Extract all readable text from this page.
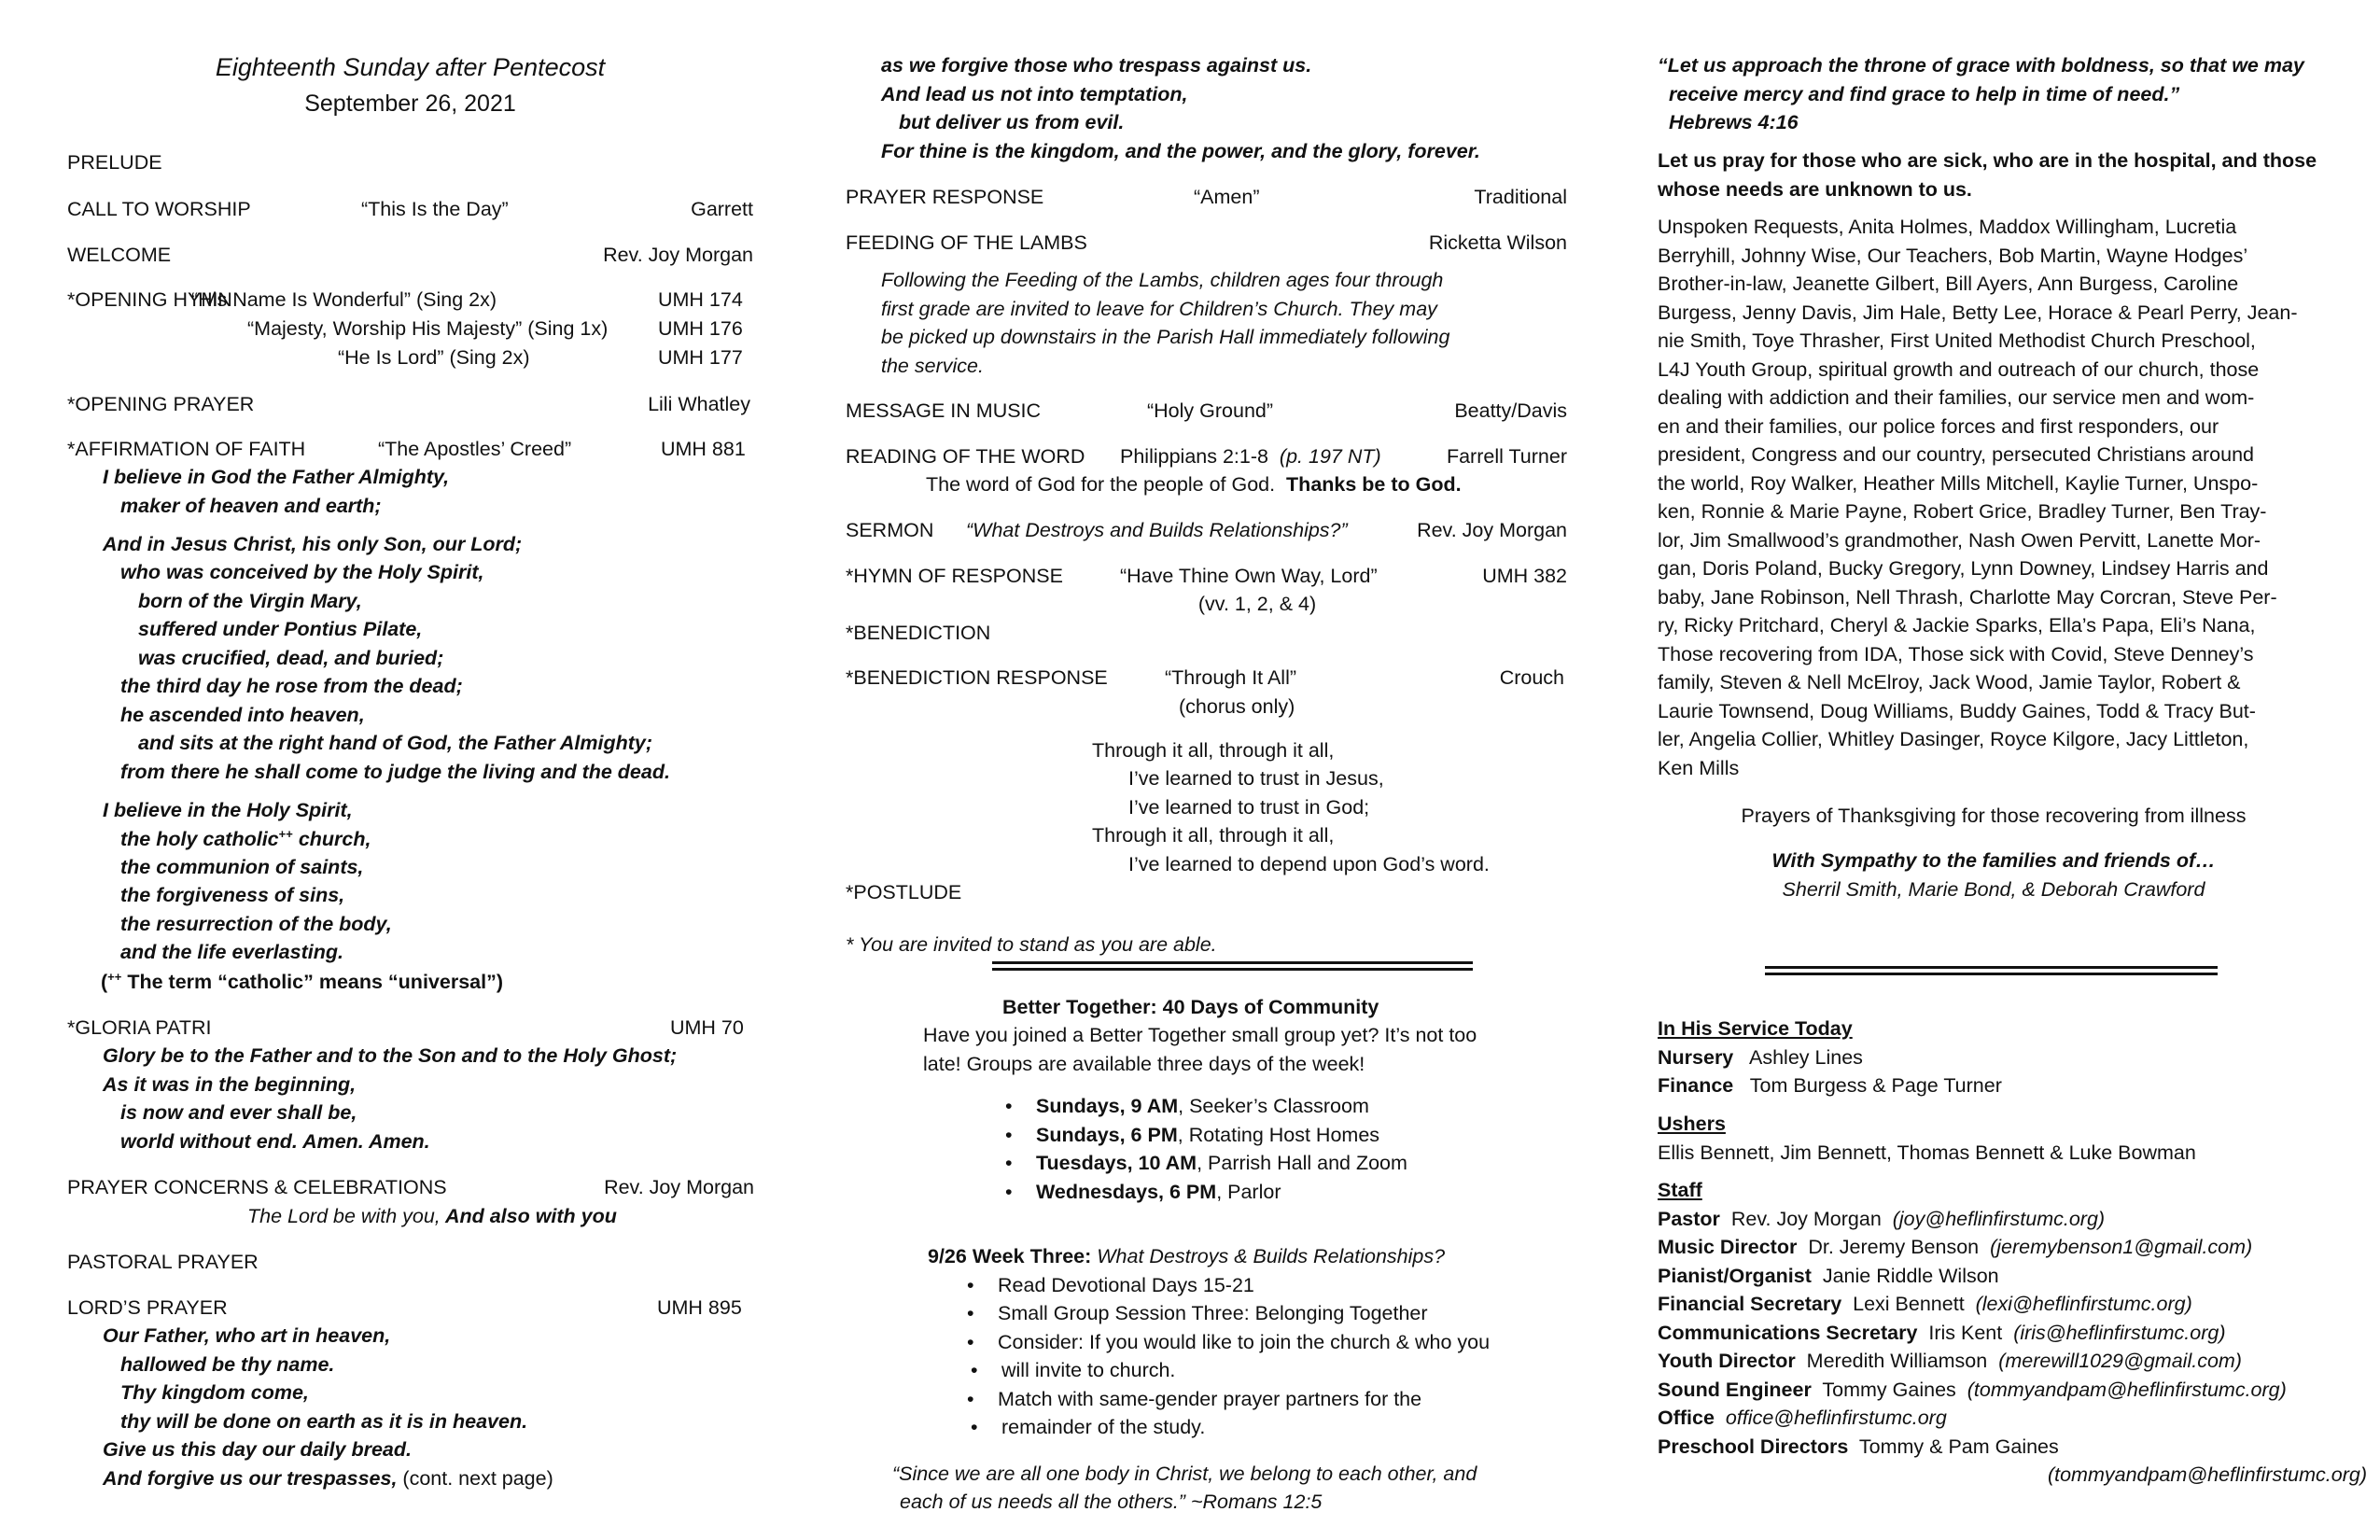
Eighteenth Sunday after Pentecost
September 26, 2021
PRELUDE
CALL TO WORSHIP	“This Is the Day”	Garrett
WELCOME	Rev. Joy Morgan
*OPENING HYMN
“His Name Is Wonderful” (Sing 2x)	UMH 174
“Majesty, Worship His Majesty” (Sing 1x) UMH 176
“He Is Lord” (Sing 2x)	UMH 177
*OPENING PRAYER	Lili Whatley
*AFFIRMATION OF FAITH	“The Apostles’ Creed”	UMH 881
I believe in God the Father Almighty,
maker of heaven and earth;
And in Jesus Christ, his only Son, our Lord;
who was conceived by the Holy Spirit,
born of the Virgin Mary,
suffered under Pontius Pilate,
was crucified, dead, and buried;
the third day he rose from the dead;
he ascended into heaven,
and sits at the right hand of God, the Father Almighty;
from there he shall come to judge the living and the dead.
I believe in the Holy Spirit,
the holy catholic++ church,
the communion of saints,
the forgiveness of sins,
the resurrection of the body,
and the life everlasting.
(++ The term “catholic” means “universal”)
*GLORIA PATRI	UMH 70
Glory be to the Father and to the Son and to the Holy Ghost;
As it was in the beginning,
is now and ever shall be,
world without end. Amen. Amen.
PRAYER CONCERNS & CELEBRATIONS	Rev. Joy Morgan
The Lord be with you, And also with you
PASTORAL PRAYER
LORD’S PRAYER	UMH 895
Our Father, who art in heaven,
hallowed be thy name.
Thy kingdom come,
thy will be done on earth as it is in heaven.
Give us this day our daily bread.
And forgive us our trespasses, (cont. next page)
as we forgive those who trespass against us.
And lead us not into temptation,
but deliver us from evil.
For thine is the kingdom, and the power, and the glory, forever.
PRAYER RESPONSE	“Amen”	Traditional
FEEDING OF THE LAMBS	Ricketta Wilson
Following the Feeding of the Lambs, children ages four through
first grade are invited to leave for Children’s Church. They may
be picked up downstairs in the Parish Hall immediately following
the service.
MESSAGE IN MUSIC	“Holy Ground”	Beatty/Davis
READING OF THE WORD Philippians 2:1-8 (p. 197 NT)	Farrell Turner
The word of God for the people of God. Thanks be to God.
SERMON “What Destroys and Builds Relationships?”	Rev. Joy Morgan
*HYMN OF RESPONSE	“Have Thine Own Way, Lord”	UMH 382
(vv. 1, 2, & 4)
*BENEDICTION
*BENEDICTION RESPONSE	“Through It All”	Crouch
(chorus only)
Through it all, through it all,
I’ve learned to trust in Jesus,
I’ve learned to trust in God;
Through it all, through it all,
I’ve learned to depend upon God’s word.
*POSTLUDE
* You are invited to stand as you are able.
Better Together: 40 Days of Community
Have you joined a Better Together small group yet? It’s not too
late! Groups are available three days of the week!
• Sundays, 9 AM, Seeker’s Classroom
• Sundays, 6 PM, Rotating Host Homes
• Tuesdays, 10 AM, Parrish Hall and Zoom
• Wednesdays, 6 PM, Parlor
9/26 Week Three: What Destroys & Builds Relationships?
• Read Devotional Days 15-21
• Small Group Session Three: Belonging Together
• Consider: If you would like to join the church & who you
• will invite to church.
• Match with same-gender prayer partners for the
• remainder of the study.
“Since we are all one body in Christ, we belong to each other, and
each of us needs all the others.” ~Romans 12:5
“Let us approach the throne of grace with boldness, so that we may
receive mercy and find grace to help in time of need.”
Hebrews 4:16
Let us pray for those who are sick, who are in the hospital, and those
whose needs are unknown to us.
Unspoken Requests, Anita Holmes, Maddox Willingham, Lucretia
Berryhill, Johnny Wise, Our Teachers, Bob Martin, Wayne Hodges’
Brother-in-law, Jeanette Gilbert, Bill Ayers, Ann Burgess, Caroline
Burgess, Jenny Davis, Jim Hale, Betty Lee, Horace & Pearl Perry, Jean-
nie Smith, Toye Thrasher, First United Methodist Church Preschool,
L4J Youth Group, spiritual growth and outreach of our church, those
dealing with addiction and their families, our service men and wom-
en and their families, our police forces and first responders, our
president, Congress and our country, persecuted Christians around
the world, Roy Walker, Heather Mills Mitchell, Kaylie Turner, Unspo-
ken, Ronnie & Marie Payne, Robert Grice, Bradley Turner, Ben Tray-
lor, Jim Smallwood’s grandmother, Nash Owen Pervitt, Lanette Mor-
gan, Doris Poland, Bucky Gregory, Lynn Downey, Lindsey Harris and
baby, Jane Robinson, Nell Thrash, Charlotte May Corcran, Steve Per-
ry, Ricky Pritchard, Cheryl & Jackie Sparks, Ella’s Papa, Eli’s Nana,
Those recovering from IDA, Those sick with Covid, Steve Denney’s
family, Steven & Nell McElroy, Jack Wood, Jamie Taylor, Robert &
Laurie Townsend, Doug Williams, Buddy Gaines, Todd & Tracy But-
ler, Angelia Collier, Whitley Dasinger, Royce Kilgore, Jacy Littleton,
Ken Mills
Prayers of Thanksgiving for those recovering from illness
With Sympathy to the families and friends of…
Sherril Smith, Marie Bond, & Deborah Crawford
In His Service Today
Nursery Ashley Lines
Finance Tom Burgess & Page Turner
Ushers
Ellis Bennett, Jim Bennett, Thomas Bennett & Luke Bowman
Staff
Pastor Rev. Joy Morgan (joy@heflinfirstumc.org)
Music Director Dr. Jeremy Benson (jeremybenson1@gmail.com)
Pianist/Organist Janie Riddle Wilson
Financial Secretary Lexi Bennett (lexi@heflinfirstumc.org)
Communications Secretary Iris Kent (iris@heflinfirstumc.org)
Youth Director Meredith Williamson (merewill1029@gmail.com)
Sound Engineer Tommy Gaines (tommyandpam@heflinfirstumc.org)
Office office@heflinfirstumc.org
Preschool Directors Tommy & Pam Gaines
(tommyandpam@heflinfirstumc.org)
